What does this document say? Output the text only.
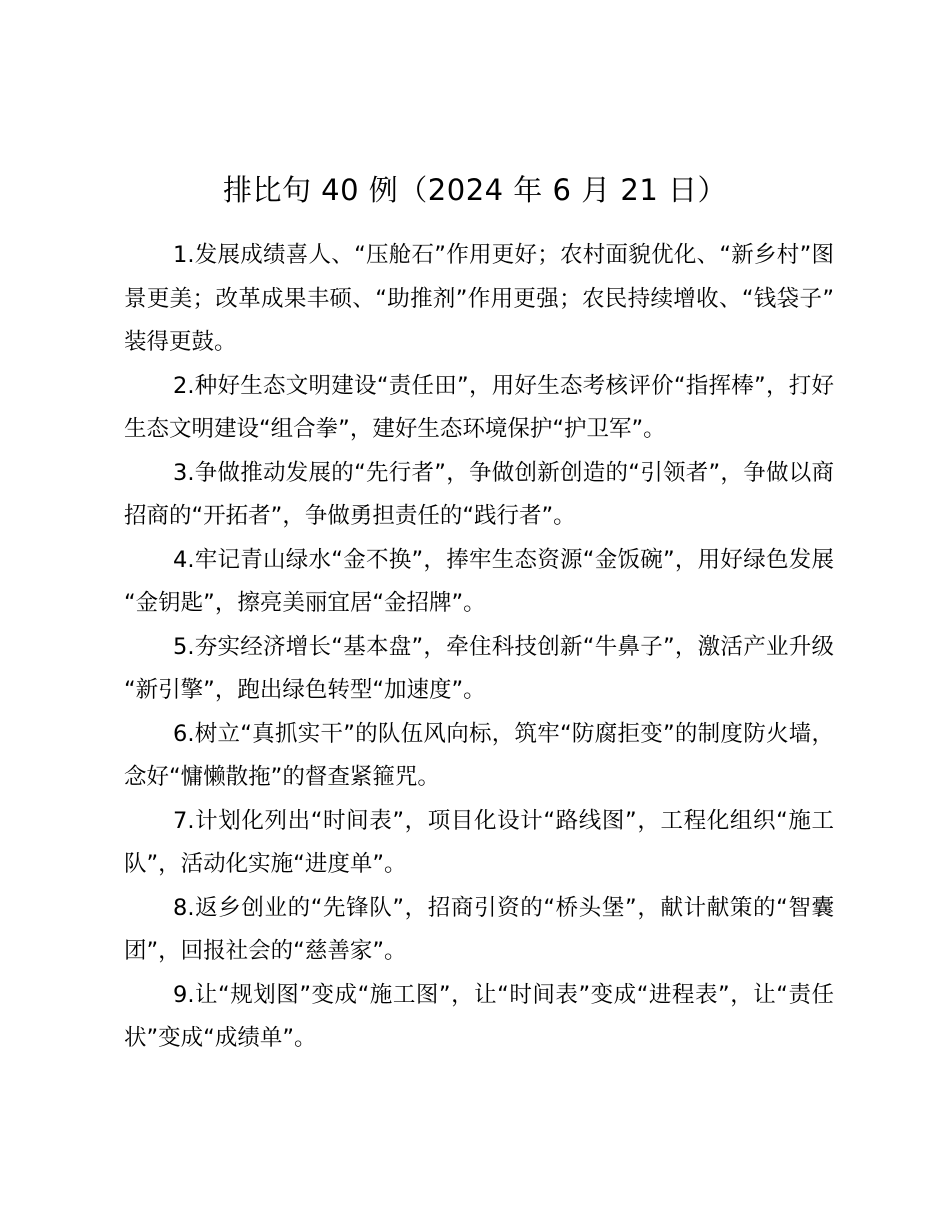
排比句 40 例（2024 年 6 月 21 日）

1.发展成绩喜人、“压舱石”作用更好；农村面貌优化、“新乡村”图景更美；改革成果丰硕、“助推剂”作用更强；农民持续增收、“钱袋子”装得更鼓。

2.种好生态文明建设“责任田”，用好生态考核评价“指挥棒”，打好生态文明建设“组合拳”，建好生态环境保护“护卫军”。

3.争做推动发展的“先行者”，争做创新创造的“引领者”，争做以商招商的“开拓者”，争做勇担责任的“践行者”。

4.牢记青山绿水“金不换”，捧牢生态资源“金饭碗”，用好绿色发展“金钥匙”，擦亮美丽宜居“金招牌”。

5.夯实经济增长“基本盘”，牵住科技创新“牛鼻子”，激活产业升级“新引擎”，跑出绿色转型“加速度”。

6.树立“真抓实干”的队伍风向标，筑牢“防腐拒变”的制度防火墙，念好“慵懒散拖”的督查紧箍咒。

7.计划化列出“时间表”，项目化设计“路线图”，工程化组织“施工队”，活动化实施“进度单”。

8.返乡创业的“先锋队”，招商引资的“桥头堡”，献计献策的“智囊团”，回报社会的“慈善家”。

9.让“规划图”变成“施工图”，让“时间表”变成“进程表”，让“责任状”变成“成绩单”。
